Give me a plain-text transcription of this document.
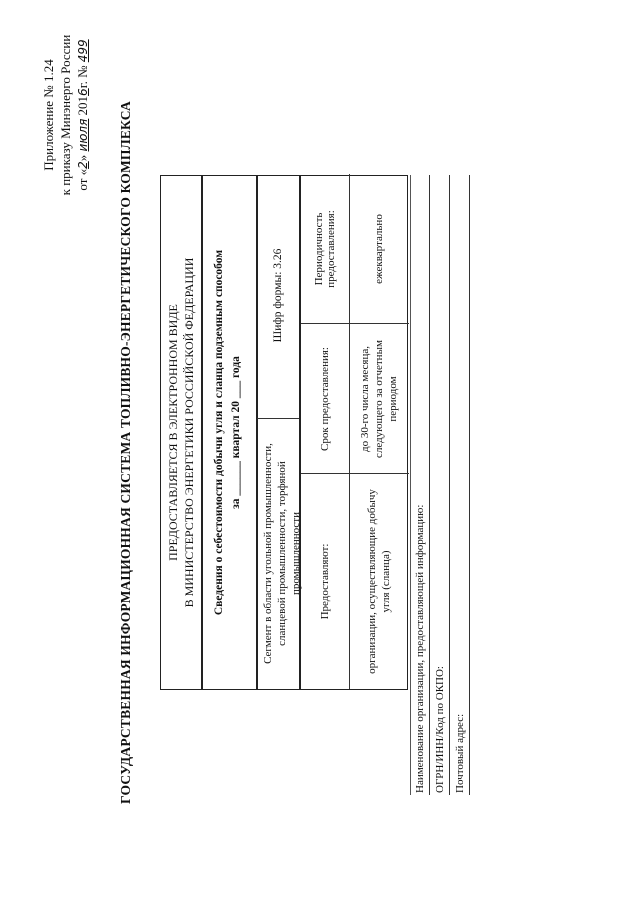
Приложение № 1.24 к приказу Минэнерго России от «2» июля 2016г. № 499
ГОСУДАРСТВЕННАЯ ИНФОРМАЦИОННАЯ СИСТЕМА ТОПЛИВНО-ЭНЕРГЕТИЧЕСКОГО КОМПЛЕКСА	ПРЕДОСТАВЛЯЕТСЯ В ЭЛЕКТРОННОМ ВИДЕ В МИНИСТЕРСТВО ЭНЕРГЕТИКИ РОССИЙСКОЙ ФЕДЕРАЦИИ Сведения о себестоимости добычи угля и сланца подземным способом за ______ квартал 20 ___ года
Сегмент в области угольной промышленности, сланцевой промышленности, торфяной промышленности
Шифр формы: 3.26
Предоставляют:
Срок предоставления:
Периодичность предоставления:
организации, осуществляющие добычу угля (сланца)
до 30-го числа месяца, следующего за отчетным периодом
ежеквартально
Наименование организации, предоставляющей информацию: ОГРН/ИНН/Код по ОКПО: Почтовый адрес:
